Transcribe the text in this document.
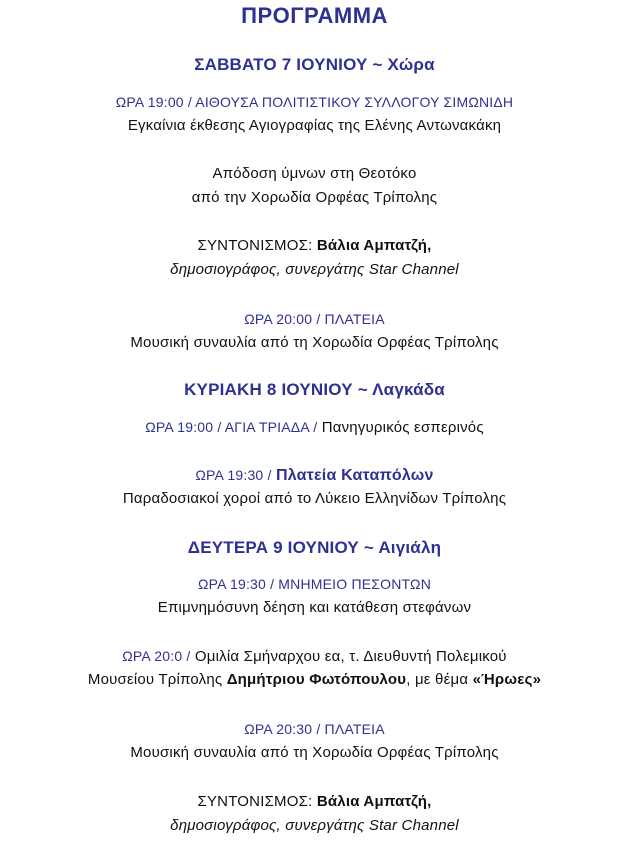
ΠΡΟΓΡΑΜΜΑ
ΣΑΒΒΑΤΟ 7 ΙΟΥΝΙΟΥ ~ Χώρα
ΩΡΑ 19:00 / ΑΙΘΟΥΣΑ ΠΟΛΙΤΙΣΤΙΚΟΥ ΣΥΛΛΟΓΟΥ ΣΙΜΩΝΙΔΗ
Εγκαίνια έκθεσης Αγιογραφίας της Ελένης Αντωνακάκη
Απόδοση ύμνων στη Θεοτόκο
από την Χορωδία Ορφέας Τρίπολης
ΣΥΝΤΟΝΙΣΜΟΣ: Βάλια Αμπατζή,
δημοσιογράφος, συνεργάτης Star Channel
ΩΡΑ 20:00 / ΠΛΑΤΕΙΑ
Μουσική συναυλία από τη Χορωδία Ορφέας Τρίπολης
ΚΥΡΙΑΚΗ 8 ΙΟΥΝΙΟΥ ~ Λαγκάδα
ΩΡΑ 19:00 / ΑΓΙΑ ΤΡΙΑΔΑ / Πανηγυρικός εσπερινός
ΩΡΑ 19:30 / Πλατεία Καταπόλων
Παραδοσιακοί χοροί από το Λύκειο Ελληνίδων Τρίπολης
ΔΕΥΤΕΡΑ 9 ΙΟΥΝΙΟΥ ~ Αιγιάλη
ΩΡΑ 19:30 / ΜΝΗΜΕΙΟ ΠΕΣΟΝΤΩΝ
Επιμνημόσυνη δέηση και κατάθεση στεφάνων
ΩΡΑ 20:0 / Ομιλία Σμήναρχου εα, τ. Διευθυντή Πολεμικού
Μουσείου Τρίπολης Δημήτριου Φωτόπουλου, με θέμα «Ήρωες»
ΩΡΑ 20:30 / ΠΛΑΤΕΙΑ
Μουσική συναυλία από τη Χορωδία Ορφέας Τρίπολης
ΣΥΝΤΟΝΙΣΜΟΣ: Βάλια Αμπατζή,
δημοσιογράφος, συνεργάτης Star Channel
